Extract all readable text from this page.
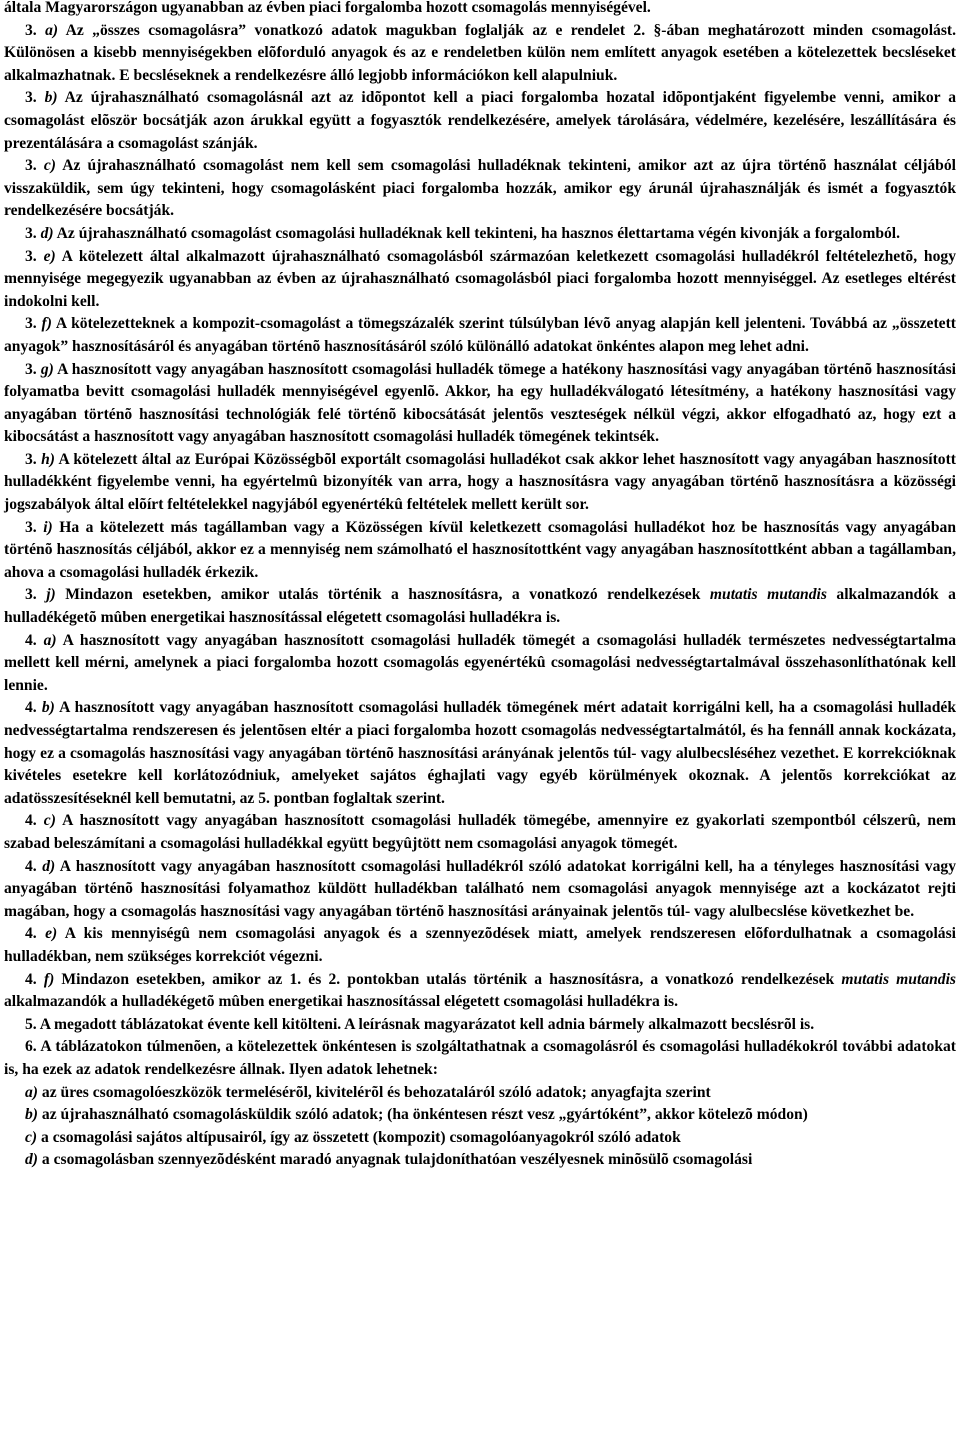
általa Magyarországon ugyanabban az évben piaci forgalomba hozott csomagolás mennyiségével.

3. a) Az „összes csomagolásra” vonatkozó adatok magukban foglalják az e rendelet 2. §-ában meghatározott minden csomagolást. Különösen a kisebb mennyiségekben elõforduló anyagok és az e rendeletben külön nem említett anyagok esetében a kötelezettek becsléseket alkalmazhatnak. E becsléseknek a rendelkezésre álló legjobb információkon kell alapulniuk.

3. b) Az újrahasználható csomagolásnál azt az idõpontot kell a piaci forgalomba hozatal idõpontjaként figyelembe venni, amikor a csomagolást elõször bocsátják azon árukkal együtt a fogyasztók rendelkezésére, amelyek tárolására, védelmére, kezelésére, leszállítására és prezentálására a csomagolást szánják.

3. c) Az újrahasználható csomagolást nem kell sem csomagolási hulladéknak tekinteni, amikor azt az újra történõ használat céljából visszaküldik, sem úgy tekinteni, hogy csomagolásként piaci forgalomba hozzák, amikor egy árunál újrahasználják és ismét a fogyasztók rendelkezésére bocsátják.

3. d) Az újrahasználható csomagolást csomagolási hulladéknak kell tekinteni, ha hasznos élettartama végén kivonják a forgalomból.

3. e) A kötelezett által alkalmazott újrahasználható csomagolásból származóan keletkezett csomagolási hulladékról feltételezhetõ, hogy mennyisége megegyezik ugyanabban az évben az újrahasználható csomagolásból piaci forgalomba hozott mennyiséggel. Az esetleges eltérést indokolni kell.

3. f) A kötelezetteknek a kompozit-csomagolást a tömegszázalék szerint túlsúlyban lévõ anyag alapján kell jelenteni. Továbbá az „összetett anyagok” hasznosításáról és anyagában történõ hasznosításáról szóló különálló adatokat önkéntes alapon meg lehet adni.

3. g) A hasznosított vagy anyagában hasznosított csomagolási hulladék tömege a hatékony hasznosítási vagy anyagában történõ hasznosítási folyamatba bevitt csomagolási hulladék mennyiségével egyenlõ. Akkor, ha egy hulladékválogató létesítmény, a hatékony hasznosítási vagy anyagában történõ hasznosítási technológiák felé történõ kibocsátását jelentõs veszteségek nélkül végzi, akkor elfogadható az, hogy ezt a kibocsátást a hasznosított vagy anyagában hasznosított csomagolási hulladék tömegének tekintsék.

3. h) A kötelezett által az Európai Közösségbõl exportált csomagolási hulladékot csak akkor lehet hasznosított vagy anyagában hasznosított hulladékként figyelembe venni, ha egyértelmû bizonyíték van arra, hogy a hasznosításra vagy anyagában történõ hasznosításra a közösségi jogszabályok által elõírt feltételekkel nagyjából egyenértékû feltételek mellett került sor.

3. i) Ha a kötelezett más tagállamban vagy a Közösségen kívül keletkezett csomagolási hulladékot hoz be hasznosítás vagy anyagában történõ hasznosítás céljából, akkor ez a mennyiség nem számolható el hasznosítottként vagy anyagában hasznosítottként abban a tagállamban, ahova a csomagolási hulladék érkezik.

3. j) Mindazon esetekben, amikor utalás történik a hasznosításra, a vonatkozó rendelkezések mutatis mutandis alkalmazandók a hulladékégetõ mûben energetikai hasznosítással elégetett csomagolási hulladékra is.

4. a) A hasznosított vagy anyagában hasznosított csomagolási hulladék tömegét a csomagolási hulladék természetes nedvességtartalma mellett kell mérni, amelynek a piaci forgalomba hozott csomagolás egyenértékû csomagolási nedvességtartalmával összehasonlíthatónak kell lennie.

4. b) A hasznosított vagy anyagában hasznosított csomagolási hulladék tömegének mért adatait korrigálni kell, ha a csomagolási hulladék nedvességtartalma rendszeresen és jelentõsen eltér a piaci forgalomba hozott csomagolás nedvességtartalmától, és ha fennáll annak kockázata, hogy ez a csomagolás hasznosítási vagy anyagában történõ hasznosítási arányának jelentõs túl- vagy alulbecsléséhez vezethet. E korrekcióknak kivételes esetekre kell korlátozódniuk, amelyeket sajátos éghajlati vagy egyéb körülmények okoznak. A jelentõs korrekciókat az adatösszesítéseknél kell bemutatni, az 5. pontban foglaltak szerint.

4. c) A hasznosított vagy anyagában hasznosított csomagolási hulladék tömegébe, amennyire ez gyakorlati szempontból célszerû, nem szabad beleszámítani a csomagolási hulladékkal együtt begyûjtött nem csomagolási anyagok tömegét.

4. d) A hasznosított vagy anyagában hasznosított csomagolási hulladékról szóló adatokat korrigálni kell, ha a tényleges hasznosítási vagy anyagában történõ hasznosítási folyamathoz küldött hulladékban található nem csomagolási anyagok mennyisége azt a kockázatot rejti magában, hogy a csomagolás hasznosítási vagy anyagában történõ hasznosítási arányainak jelentõs túl- vagy alulbecslése következhet be.

4. e) A kis mennyiségû nem csomagolási anyagok és a szennyezõdések miatt, amelyek rendszeresen elõfordulhatnak a csomagolási hulladékban, nem szükséges korrekciót végezni.

4. f) Mindazon esetekben, amikor az 1. és 2. pontokban utalás történik a hasznosításra, a vonatkozó rendelkezések mutatis mutandis alkalmazandók a hulladékégetõ mûben energetikai hasznosítással elégetett csomagolási hulladékra is.

5. A megadott táblázatokat évente kell kitölteni. A leírásnak magyarázatot kell adnia bármely alkalmazott becslésrõl is.

6. A táblázatokon túlmenõen, a kötelezettek önkéntesen is szolgáltathatnak a csomagolásról és csomagolási hulladékokról további adatokat is, ha ezek az adatok rendelkezésre állnak. Ilyen adatok lehetnek:

a) az üres csomagolóeszközök termelésérõl, kivitelérõl és behozataláról szóló adatok; anyagfajta szerint

b) az újrahasználható csomagolásküldik szóló adatok; (ha önkéntesen részt vesz „gyártóként”, akkor kötelezõ módon)

c) a csomagolási sajátos altípusairól, így az összetett (kompozit) csomagolóanyagokról szóló adatok

d) a csomagolásban szennyezõdésként maradó anyagnak tulajdoníthatóan veszélyesnek minõsülõ csomagolási
